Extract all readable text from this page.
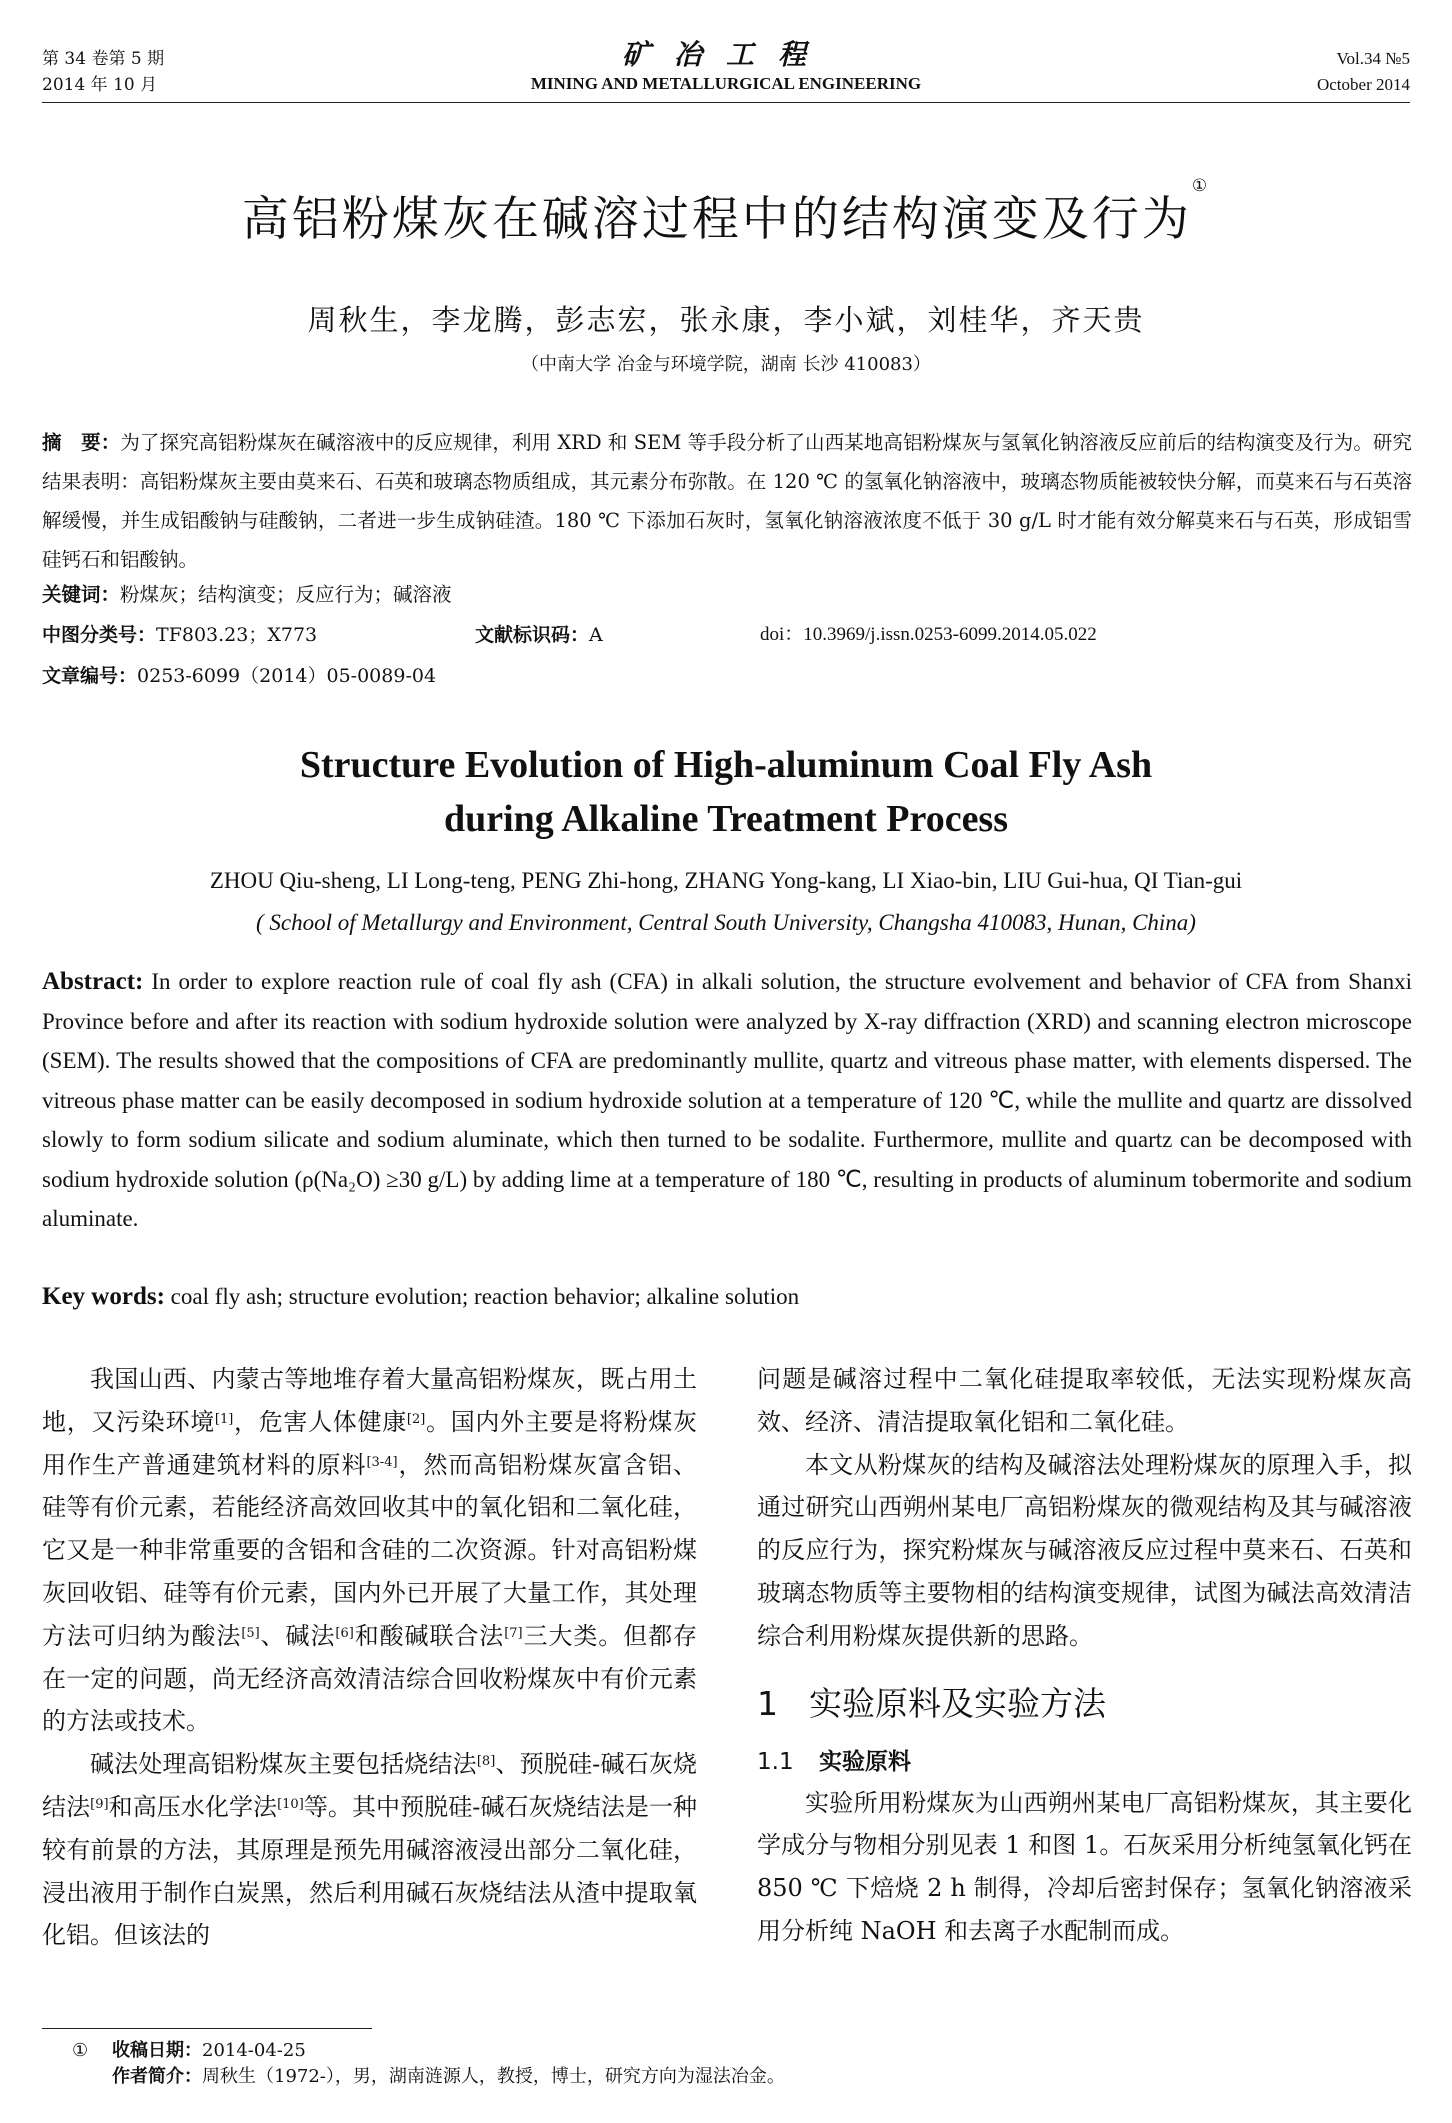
第 34 卷第 5 期
2014 年 10 月
矿冶工程
MINING AND METALLURGICAL ENGINEERING
Vol.34 №5
October 2014
高铝粉煤灰在碱溶过程中的结构演变及行为①
周秋生，李龙腾，彭志宏，张永康，李小斌，刘桂华，齐天贵
（中南大学 冶金与环境学院，湖南 长沙 410083）
摘　要：为了探究高铝粉煤灰在碱溶液中的反应规律，利用 XRD 和 SEM 等手段分析了山西某地高铝粉煤灰与氢氧化钠溶液反应前后的结构演变及行为。研究结果表明：高铝粉煤灰主要由莫来石、石英和玻璃态物质组成，其元素分布弥散。在 120 ℃ 的氢氧化钠溶液中，玻璃态物质能被较快分解，而莫来石与石英溶解缓慢，并生成铝酸钠与硅酸钠，二者进一步生成钠硅渣。180 ℃ 下添加石灰时，氢氧化钠溶液浓度不低于 30 g/L 时才能有效分解莫来石与石英，形成铝雪硅钙石和铝酸钠。
关键词：粉煤灰；结构演变；反应行为；碱溶液
中图分类号：TF803.23；X773	文献标识码：A	doi：10.3969/j.issn.0253-6099.2014.05.022
文章编号：0253-6099（2014）05-0089-04
Structure Evolution of High-aluminum Coal Fly Ash
during Alkaline Treatment Process
ZHOU Qiu-sheng, LI Long-teng, PENG Zhi-hong, ZHANG Yong-kang, LI Xiao-bin, LIU Gui-hua, QI Tian-gui
( School of Metallurgy and Environment, Central South University, Changsha 410083, Hunan, China)
Abstract: In order to explore reaction rule of coal fly ash (CFA) in alkali solution, the structure evolvement and behavior of CFA from Shanxi Province before and after its reaction with sodium hydroxide solution were analyzed by X-ray diffraction (XRD) and scanning electron microscope (SEM). The results showed that the compositions of CFA are predominantly mullite, quartz and vitreous phase matter, with elements dispersed. The vitreous phase matter can be easily decomposed in sodium hydroxide solution at a temperature of 120 ℃, while the mullite and quartz are dissolved slowly to form sodium silicate and sodium aluminate, which then turned to be sodalite. Furthermore, mullite and quartz can be decomposed with sodium hydroxide solution (ρ(Na₂O) ≥30 g/L) by adding lime at a temperature of 180 ℃, resulting in products of aluminum tobermorite and sodium aluminate.
Key words: coal fly ash; structure evolution; reaction behavior; alkaline solution

我国山西、内蒙古等地堆存着大量高铝粉煤灰，既占用土地，又污染环境[1]，危害人体健康[2]。国内外主要是将粉煤灰用作生产普通建筑材料的原料[3-4]，然而高铝粉煤灰富含铝、硅等有价元素，若能经济高效回收其中的氧化铝和二氧化硅，它又是一种非常重要的含铝和含硅的二次资源。针对高铝粉煤灰回收铝、硅等有价元素，国内外已开展了大量工作，其处理方法可归纳为酸法[5]、碱法[6]和酸碱联合法[7]三大类。但都存在一定的问题，尚无经济高效清洁综合回收粉煤灰中有价元素的方法或技术。

碱法处理高铝粉煤灰主要包括烧结法[8]、预脱硅-碱石灰烧结法[9]和高压水化学法[10]等。其中预脱硅-碱石灰烧结法是一种较有前景的方法，其原理是预先用碱溶液浸出部分二氧化硅，浸出液用于制作白炭黑，然后利用碱石灰烧结法从渣中提取氧化铝。但该法的

问题是碱溶过程中二氧化硅提取率较低，无法实现粉煤灰高效、经济、清洁提取氧化铝和二氧化硅。

本文从粉煤灰的结构及碱溶法处理粉煤灰的原理入手，拟通过研究山西朔州某电厂高铝粉煤灰的微观结构及其与碱溶液的反应行为，探究粉煤灰与碱溶液反应过程中莫来石、石英和玻璃态物质等主要物相的结构演变规律，试图为碱法高效清洁综合利用粉煤灰提供新的思路。

1 实验原料及实验方法
1.1 实验原料

实验所用粉煤灰为山西朔州某电厂高铝粉煤灰，其主要化学成分与物相分别见表 1 和图 1。石灰采用分析纯氢氧化钙在 850 ℃ 下焙烧 2 h 制得，冷却后密封保存；氢氧化钠溶液采用分析纯 NaOH 和去离子水配制而成。

① 收稿日期：2014-04-25
作者简介：周秋生（1972-），男，湖南涟源人，教授，博士，研究方向为湿法冶金。
